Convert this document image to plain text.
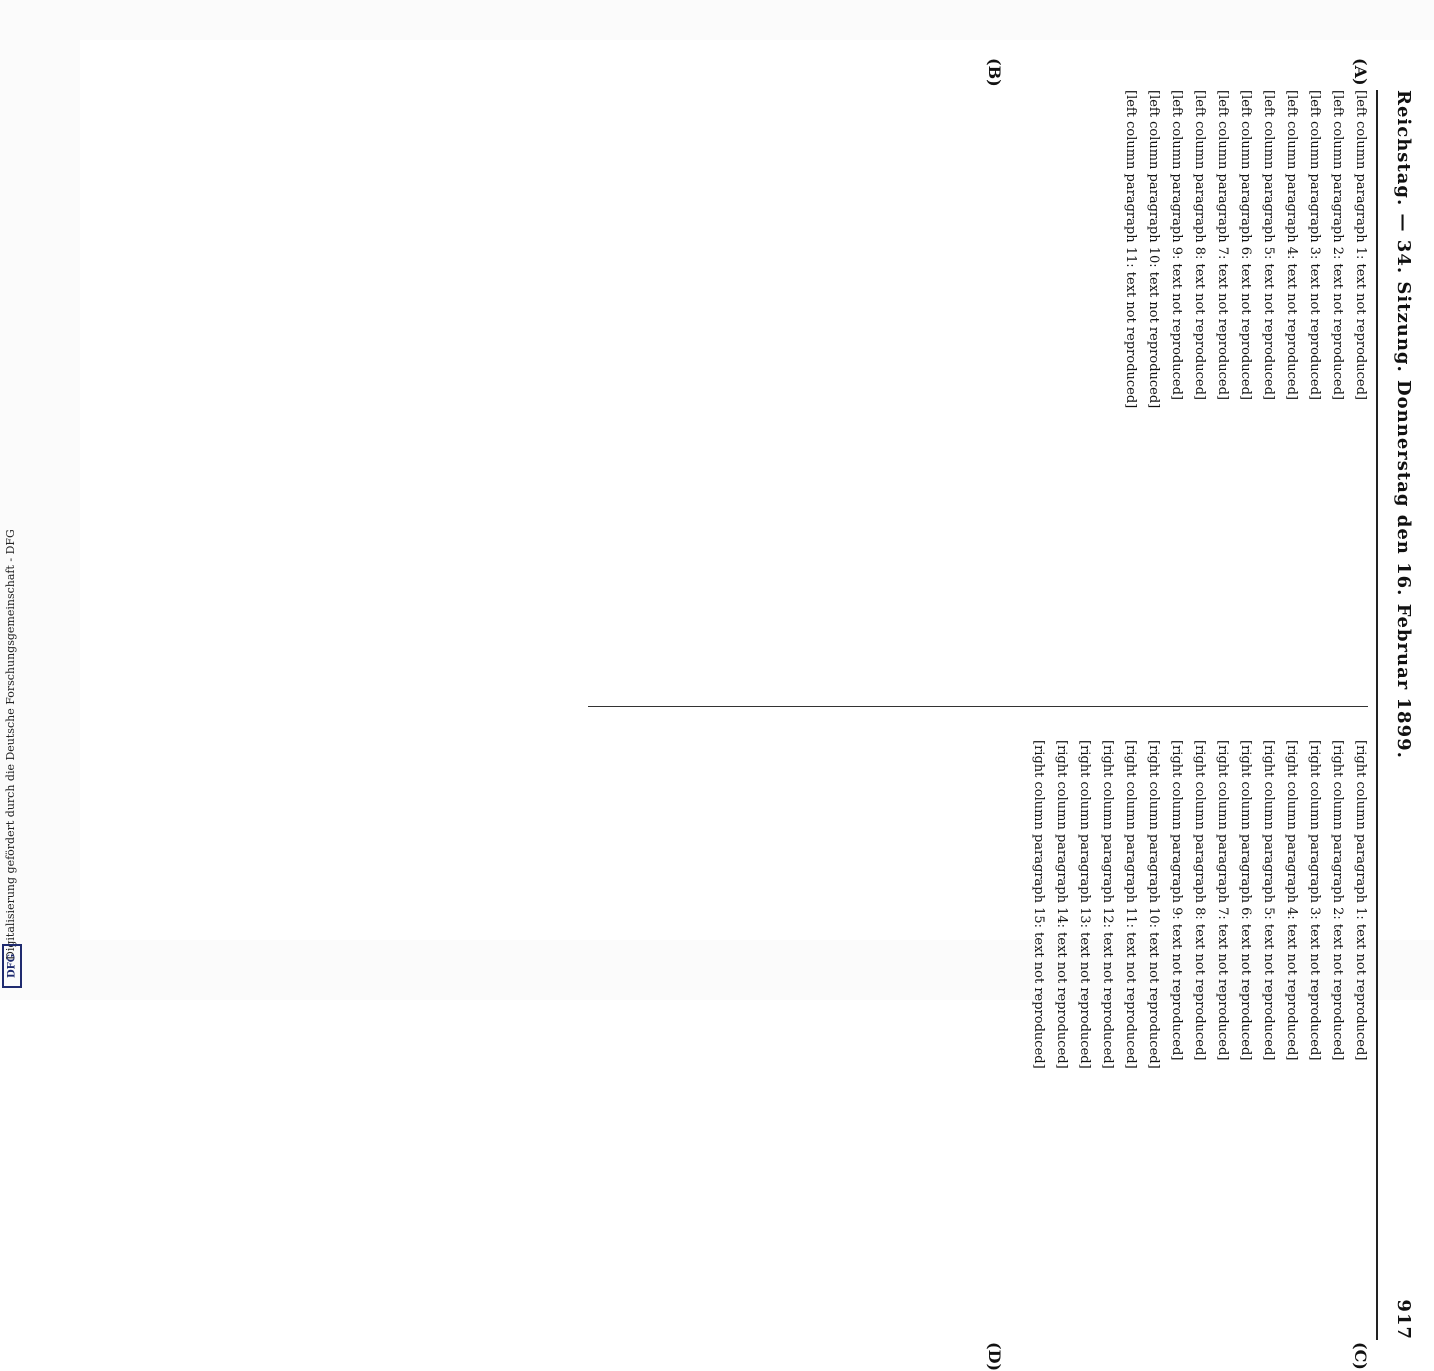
Digitalisierung gefördert durch die Deutsche Forschungsgemeinschaft - DFG
DFG
Reichstag. — 34. Sitzung. Donnerstag den 16. Februar 1899.
917
(A)
(B)
(C)
(D)

[left column paragraph 1: text not reproduced]

[left column paragraph 2: text not reproduced]

[left column paragraph 3: text not reproduced]

[left column paragraph 4: text not reproduced]

[left column paragraph 5: text not reproduced]

[left column paragraph 6: text not reproduced]

[left column paragraph 7: text not reproduced]

[left column paragraph 8: text not reproduced]

[left column paragraph 9: text not reproduced]

[left column paragraph 10: text not reproduced]

[left column paragraph 11: text not reproduced]

[right column paragraph 1: text not reproduced]

[right column paragraph 2: text not reproduced]

[right column paragraph 3: text not reproduced]

[right column paragraph 4: text not reproduced]

[right column paragraph 5: text not reproduced]

[right column paragraph 6: text not reproduced]

[right column paragraph 7: text not reproduced]

[right column paragraph 8: text not reproduced]

[right column paragraph 9: text not reproduced]

[right column paragraph 10: text not reproduced]

[right column paragraph 11: text not reproduced]

[right column paragraph 12: text not reproduced]

[right column paragraph 13: text not reproduced]

[right column paragraph 14: text not reproduced]

[right column paragraph 15: text not reproduced]
